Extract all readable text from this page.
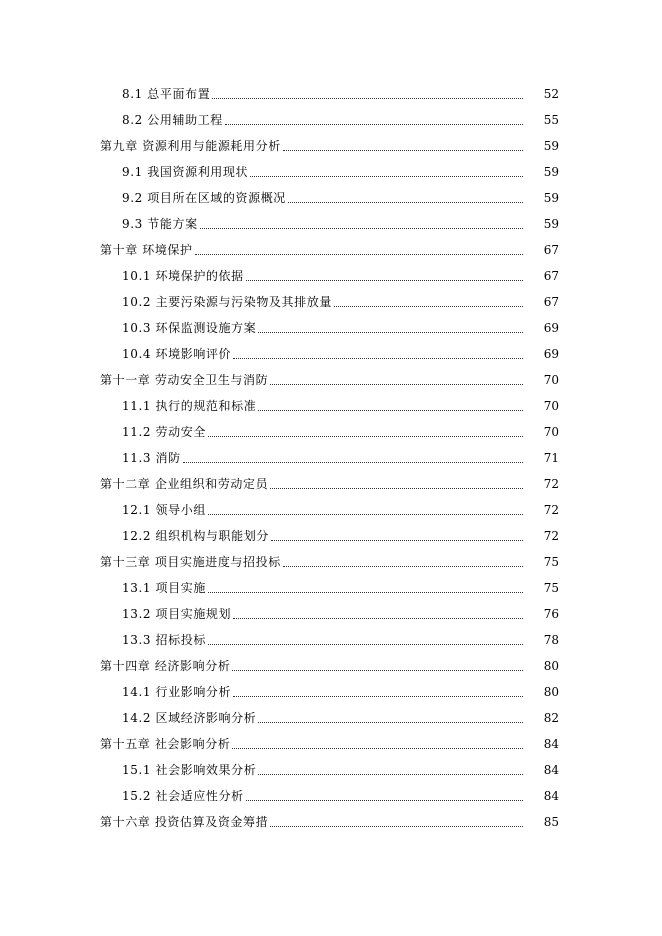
8.1 总平面布置	52
8.2 公用辅助工程	55
第九章 资源利用与能源耗用分析	59
9.1 我国资源利用现状	59
9.2 项目所在区域的资源概况	59
9.3 节能方案	59
第十章 环境保护	67
10.1 环境保护的依据	67
10.2 主要污染源与污染物及其排放量	67
10.3 环保监测设施方案	69
10.4 环境影响评价	69
第十一章 劳动安全卫生与消防	70
11.1 执行的规范和标准	70
11.2 劳动安全	70
11.3 消防	71
第十二章 企业组织和劳动定员	72
12.1 领导小组	72
12.2 组织机构与职能划分	72
第十三章 项目实施进度与招投标	75
13.1 项目实施	75
13.2 项目实施规划	76
13.3 招标投标	78
第十四章 经济影响分析	80
14.1 行业影响分析	80
14.2 区域经济影响分析	82
第十五章 社会影响分析	84
15.1 社会影响效果分析	84
15.2 社会适应性分析	84
第十六章 投资估算及资金筹措	85
